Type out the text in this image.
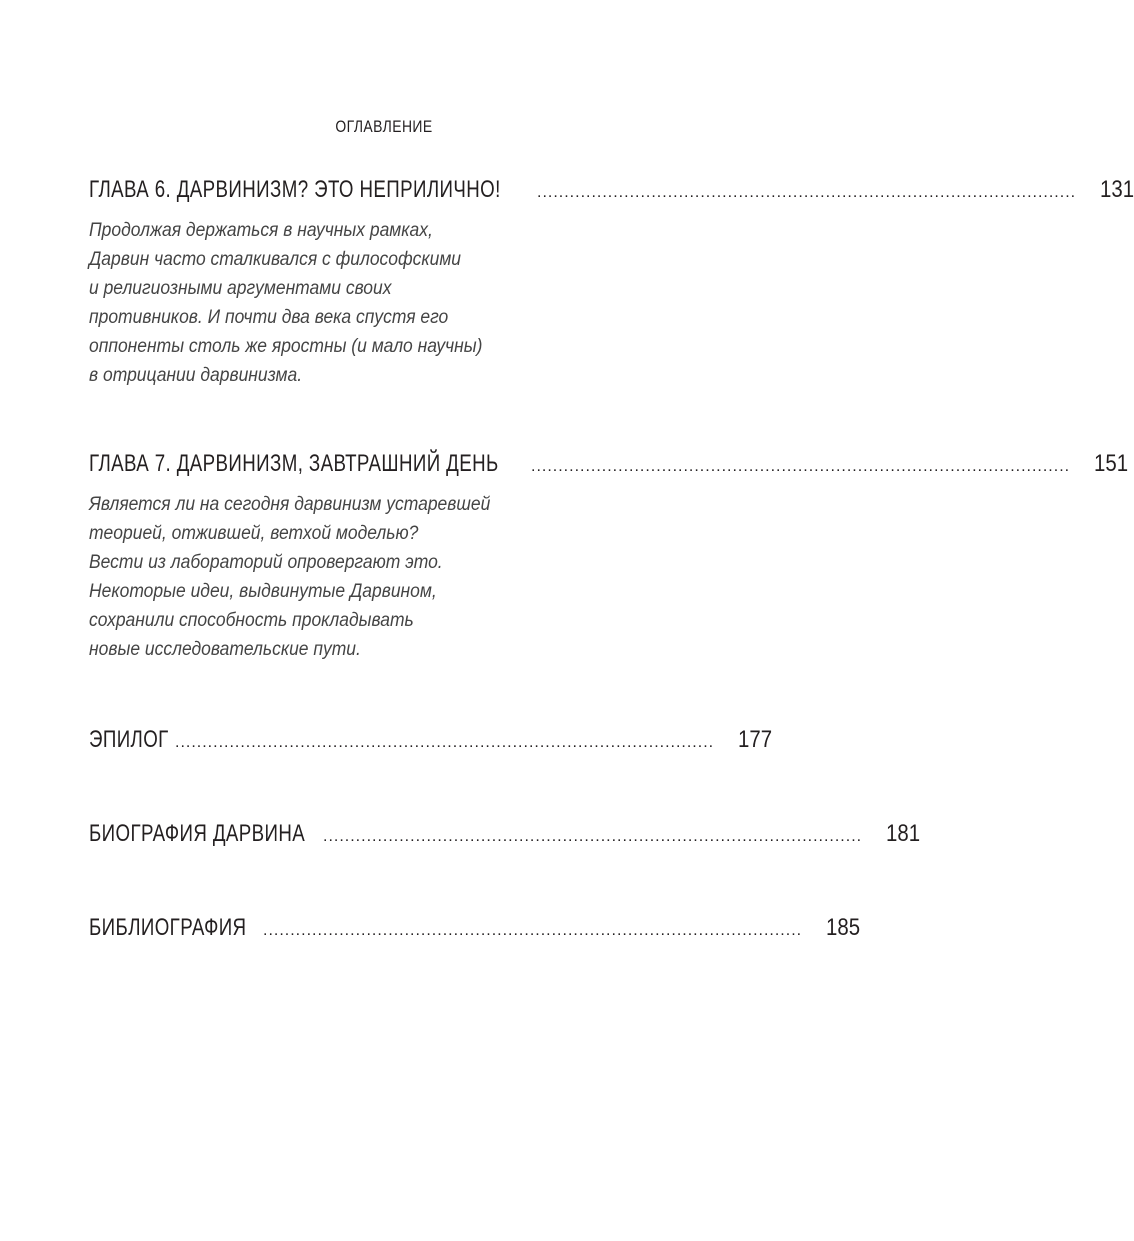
ОГЛАВЛЕНИЕ
ГЛАВА 6. ДАРВИНИЗМ? ЭТО НЕПРИЛИЧНО! ................................................................................................... 131
Продолжая держаться в научных рамках,
Дарвин часто сталкивался с философскими
и религиозными аргументами своих
противников. И почти два века спустя его
оппоненты столь же яростны (и мало научны)
в отрицании дарвинизма.
ГЛАВА 7. ДАРВИНИЗМ, ЗАВТРАШНИЙ ДЕНЬ ................................................................................................... 151
Является ли на сегодня дарвинизм устаревшей
теорией, отжившей, ветхой моделью?
Вести из лабораторий опровергают это.
Некоторые идеи, выдвинутые Дарвином,
сохранили способность прокладывать
новые исследовательские пути.
ЭПИЛОГ ................................................................................................... 177
БИОГРАФИЯ ДАРВИНА ................................................................................................... 181
БИБЛИОГРАФИЯ ................................................................................................... 185
